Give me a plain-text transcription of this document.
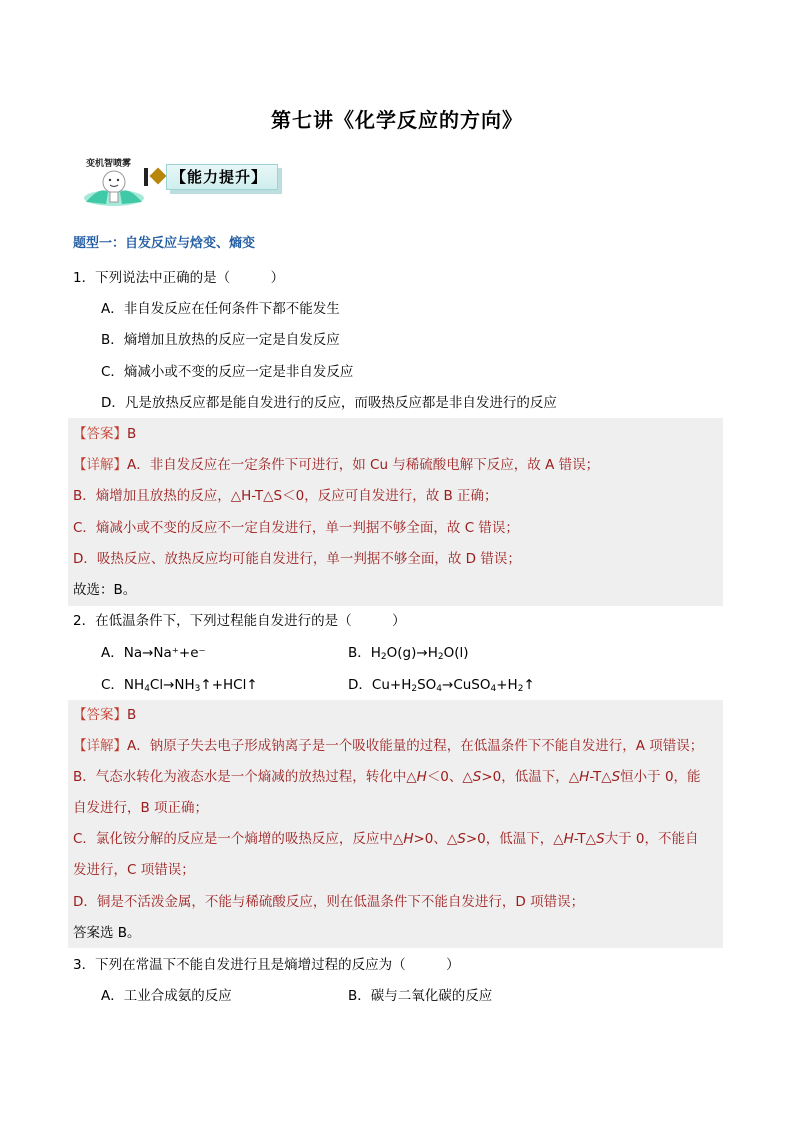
第七讲《化学反应的方向》
变机智喷雾
【能力提升】
题型一：自发反应与焓变、熵变
1．下列说法中正确的是（　　　）
A．非自发反应在任何条件下都不能发生
B．熵增加且放热的反应一定是自发反应
C．熵减小或不变的反应一定是非自发反应
D．凡是放热反应都是能自发进行的反应，而吸热反应都是非自发进行的反应
【答案】B
【详解】A．非自发反应在一定条件下可进行，如 Cu 与稀硫酸电解下反应，故 A 错误；
B．熵增加且放热的反应，△H-T△S＜0，反应可自发进行，故 B 正确；
C．熵减小或不变的反应不一定自发进行，单一判据不够全面，故 C 错误；
D．吸热反应、放热反应均可能自发进行，单一判据不够全面，故 D 错误；
故选：B。
2．在低温条件下，下列过程能自发进行的是（　　　）
A．Na→Na⁺+e⁻	B．$H_2O(g)\to H_2O(l)$
C．$NH_4Cl\to NH_3↑+HCl↑$	D．$Cu+H_2SO_4\to CuSO_4+H_2↑$
【答案】B
【详解】A．钠原子失去电子形成钠离子是一个吸收能量的过程，在低温条件下不能自发进行，A 项错误；
B．气态水转化为液态水是一个熵减的放热过程，转化中△H＜0、△S>0，低温下，△H-T△S恒小于 0，能
自发进行，B 项正确；
C．氯化铵分解的反应是一个熵增的吸热反应，反应中△H>0、△S>0，低温下，△H-T△S大于 0，不能自
发进行，C 项错误；
D．铜是不活泼金属，不能与稀硫酸反应，则在低温条件下不能自发进行，D 项错误；
答案选 B。
3．下列在常温下不能自发进行且是熵增过程的反应为（　　　）
A．工业合成氨的反应	B．碳与二氧化碳的反应
